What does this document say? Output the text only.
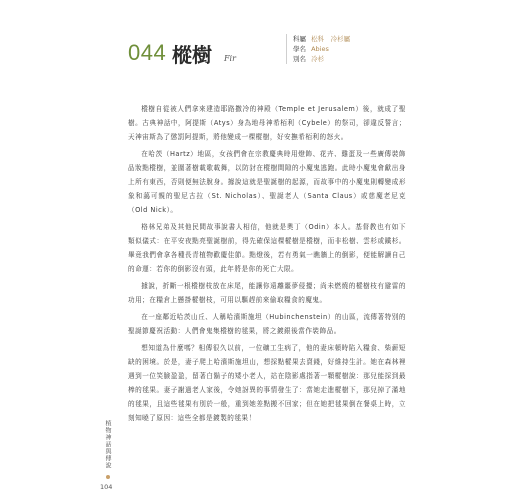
044 樅樹 Fir
科屬 松科　冷杉屬
學名 Abies
別名 冷杉

樅樹自從被人們拿來建造耶路撒冷的神殿（Temple et Jerusalem）後，就成了聖樹。古典神話中，阿提斯（Atys）身為地母神希栢利（Cybele）的祭司，卻違反誓言；天神宙斯為了懲罰阿提斯，將他變成一棵樅樹，好安撫希栢利的怒火。

在哈茨（Hartz）地區，女孩們會在宗教慶典時用燈飾、花卉、雞蛋及一些廣傳裝飾品妝點樅樹，並圍著樹載歌載舞，以防豺在樅樹間隙的小魔鬼逃跑。此時小魔鬼會獻出身上所有東西，否則便無法脫身。據說這就是聖誕樹的起源，而故事中的小魔鬼則轉變成形象和藹可親的聖尼古拉（St. Nicholas）、聖誕老人（Santa Claus）或慈魔老尼克（Old Nick）。

格林兄弟及其他民間故事說書人相信，他就是奧丁（Odin）本人。基督教也有如下類似儀式：在平安夜點亮聖誕樹前，得先確保這棵樅樹是樅樹，而非松樹、雲杉或鐵杉。畢竟我們會拿各種長青植物歡慶佳節。點燈後，若有勇氣一瞧牆上的倒影，便能解讀自己的命運：若你的倒影沒有頭，此年將是你的死亡大限。

據說，折斷一根樅樹枝放在床尾，能讓你遠離噩夢侵擾；尚未燃燒的樅樹枝有避雷的功用；在糧倉上懸掛樅樹枝，可用以驅趕前來偷取糧食的魔鬼。

在一座鄰近哈茨山丘、人稱哈濱斯施坦（Hubinchenstein）的山區，流傳著特別的聖誕節慶祝活動：人們會鬼集樅樹的毬果，將之鍍銀後當作裝飾品。

想知道為什麼嗎？相傳很久以前，一位礦工生病了，他的妻床頓時陷入糧食、柴薪短缺的困境。於是，妻子爬上哈濱斯施坦山，想採點樅果去賣錢，好維持生計。她在森林裡遇到一位笑臉盈盈，留著白鬍子的矮小老人，站在陰影處指著一顆樅樹說：那兒能採到最棒的毬果。妻子謝過老人家後，令她訝異的事情發生了：當她走進樅樹下，那兒掉了滿地的毬果，且這些毬果有別於一般，重到她差點搬不回家；但在她把毬果倒在餐桌上時，立刻知曉了原因：這些全都是鍍製的毬果！

植物神話與傳說
104
